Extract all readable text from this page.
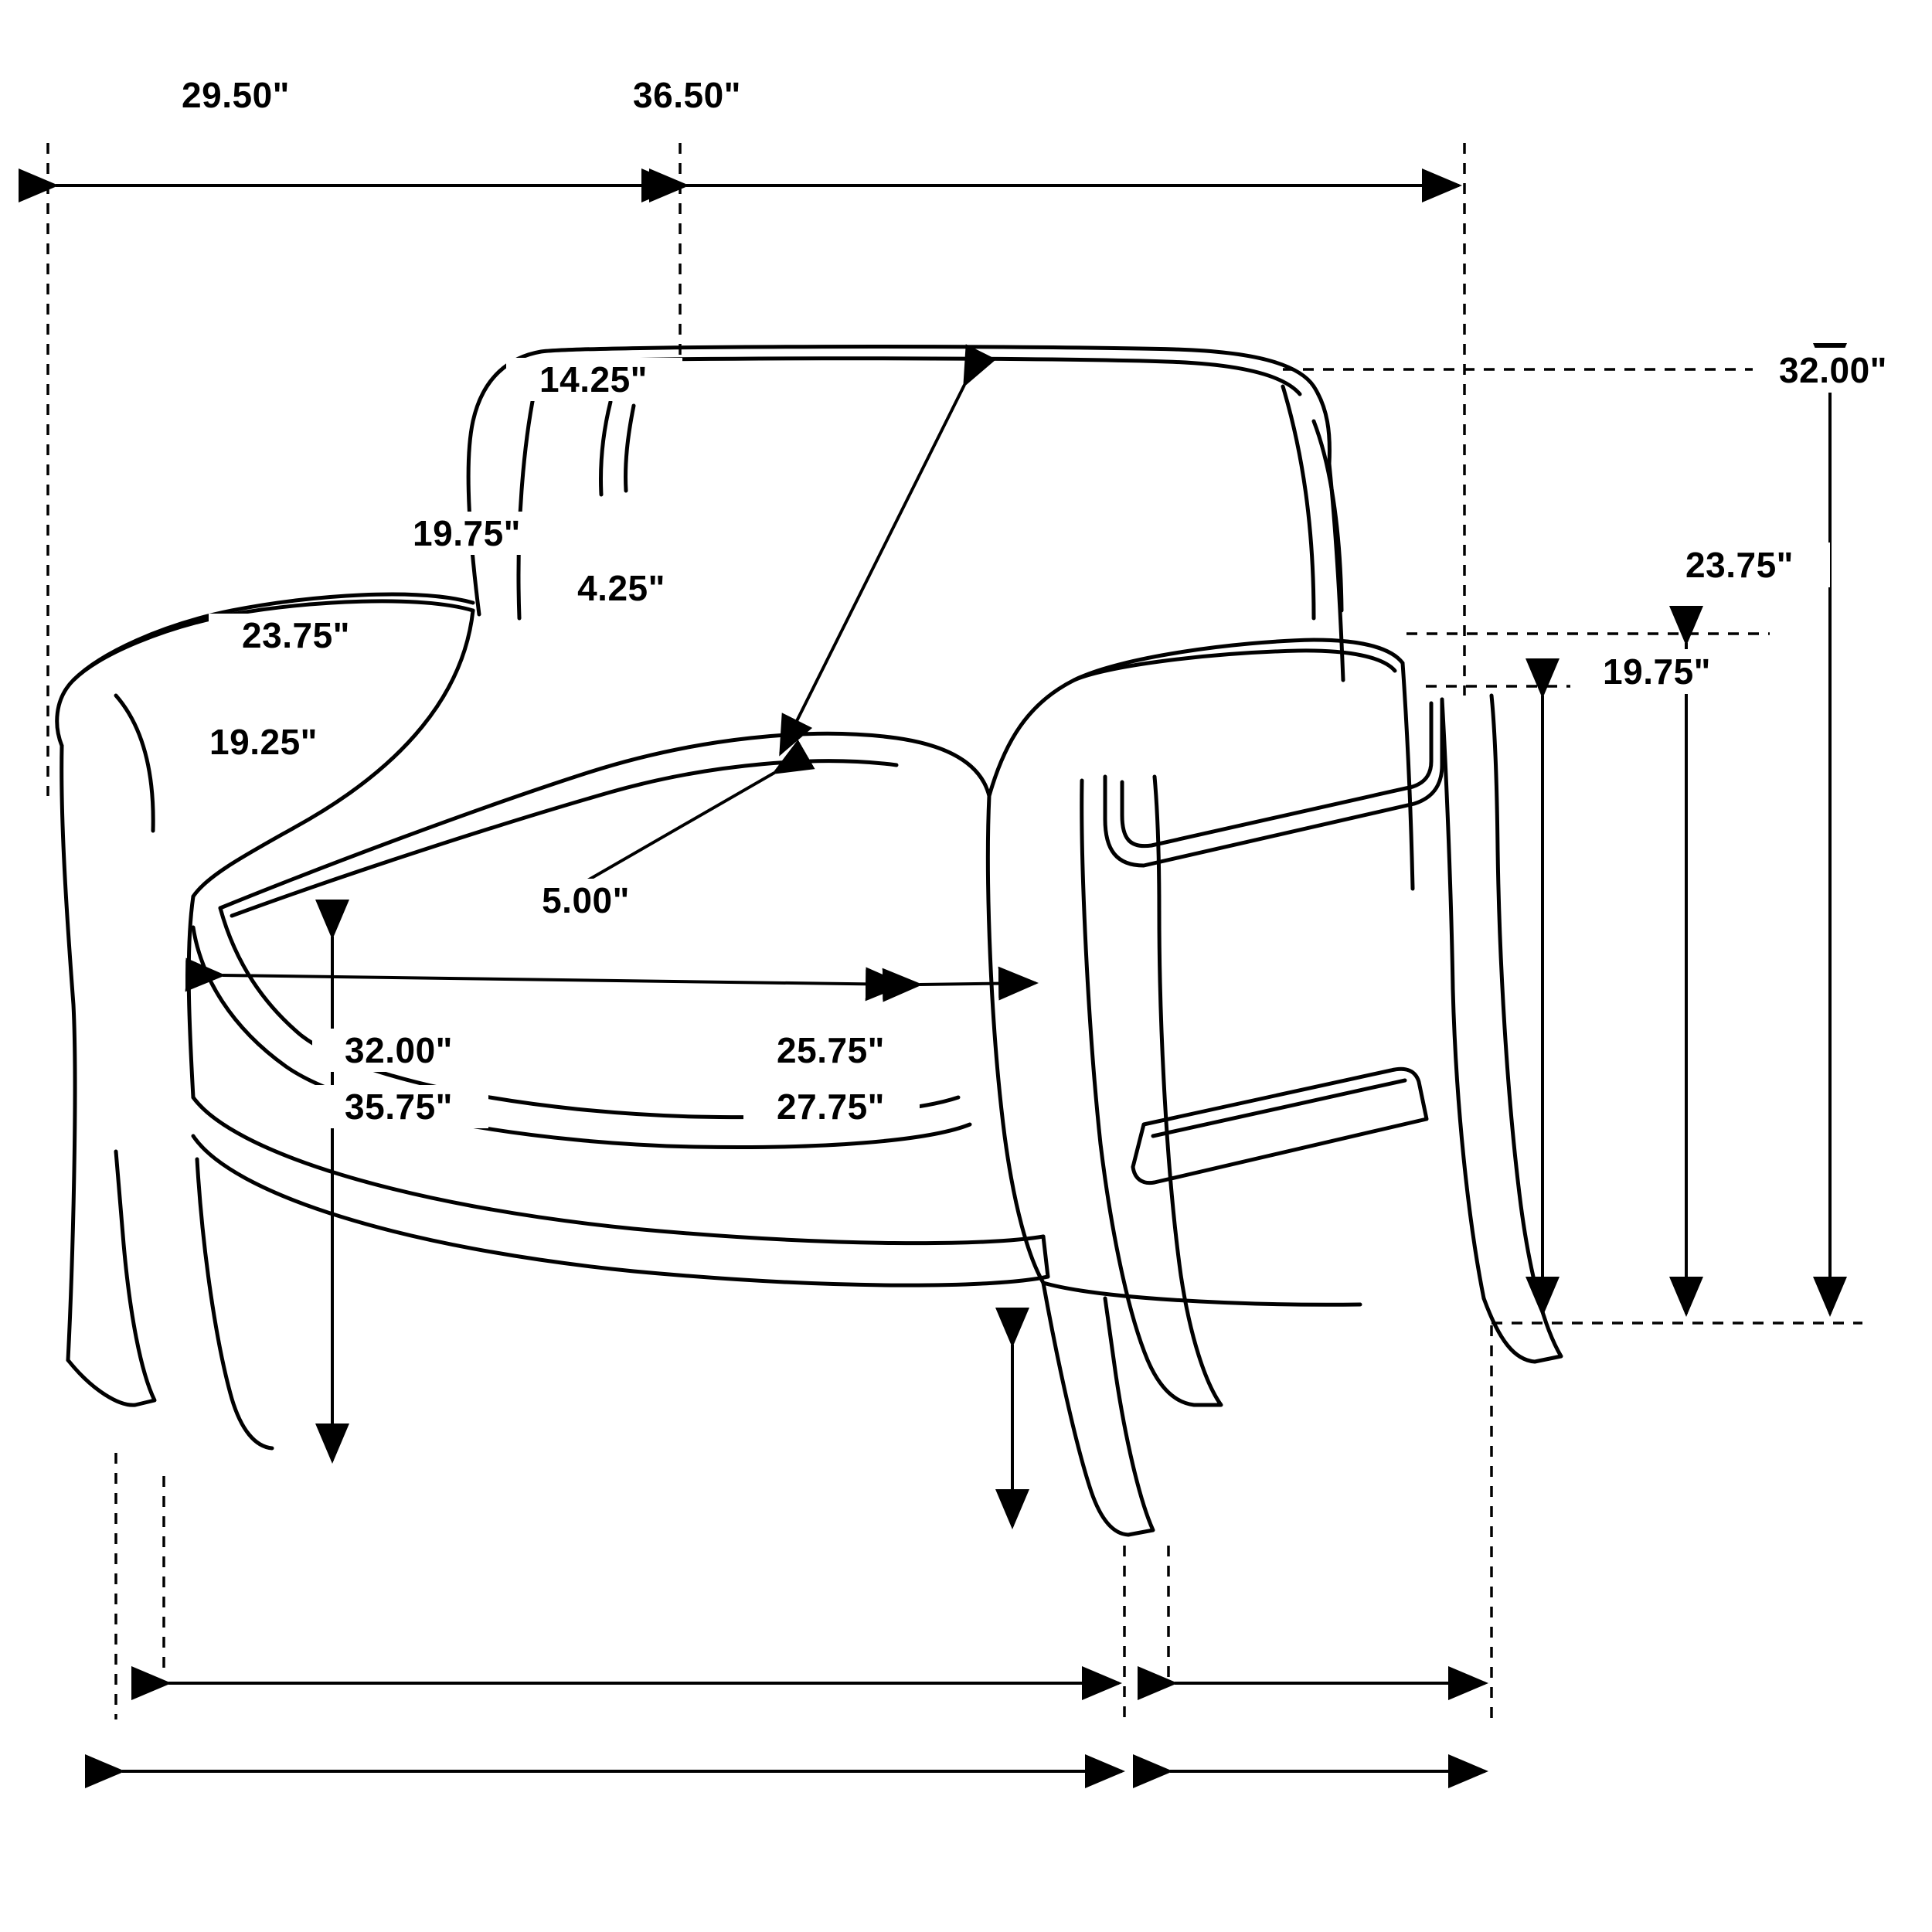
29.50"	36.50"
32.00"
14.25"
19.75"
4.25"
23.75"
23.75"
19.75"
19.25"
5.00"
32.00"	25.75"
35.75"	27.75"
